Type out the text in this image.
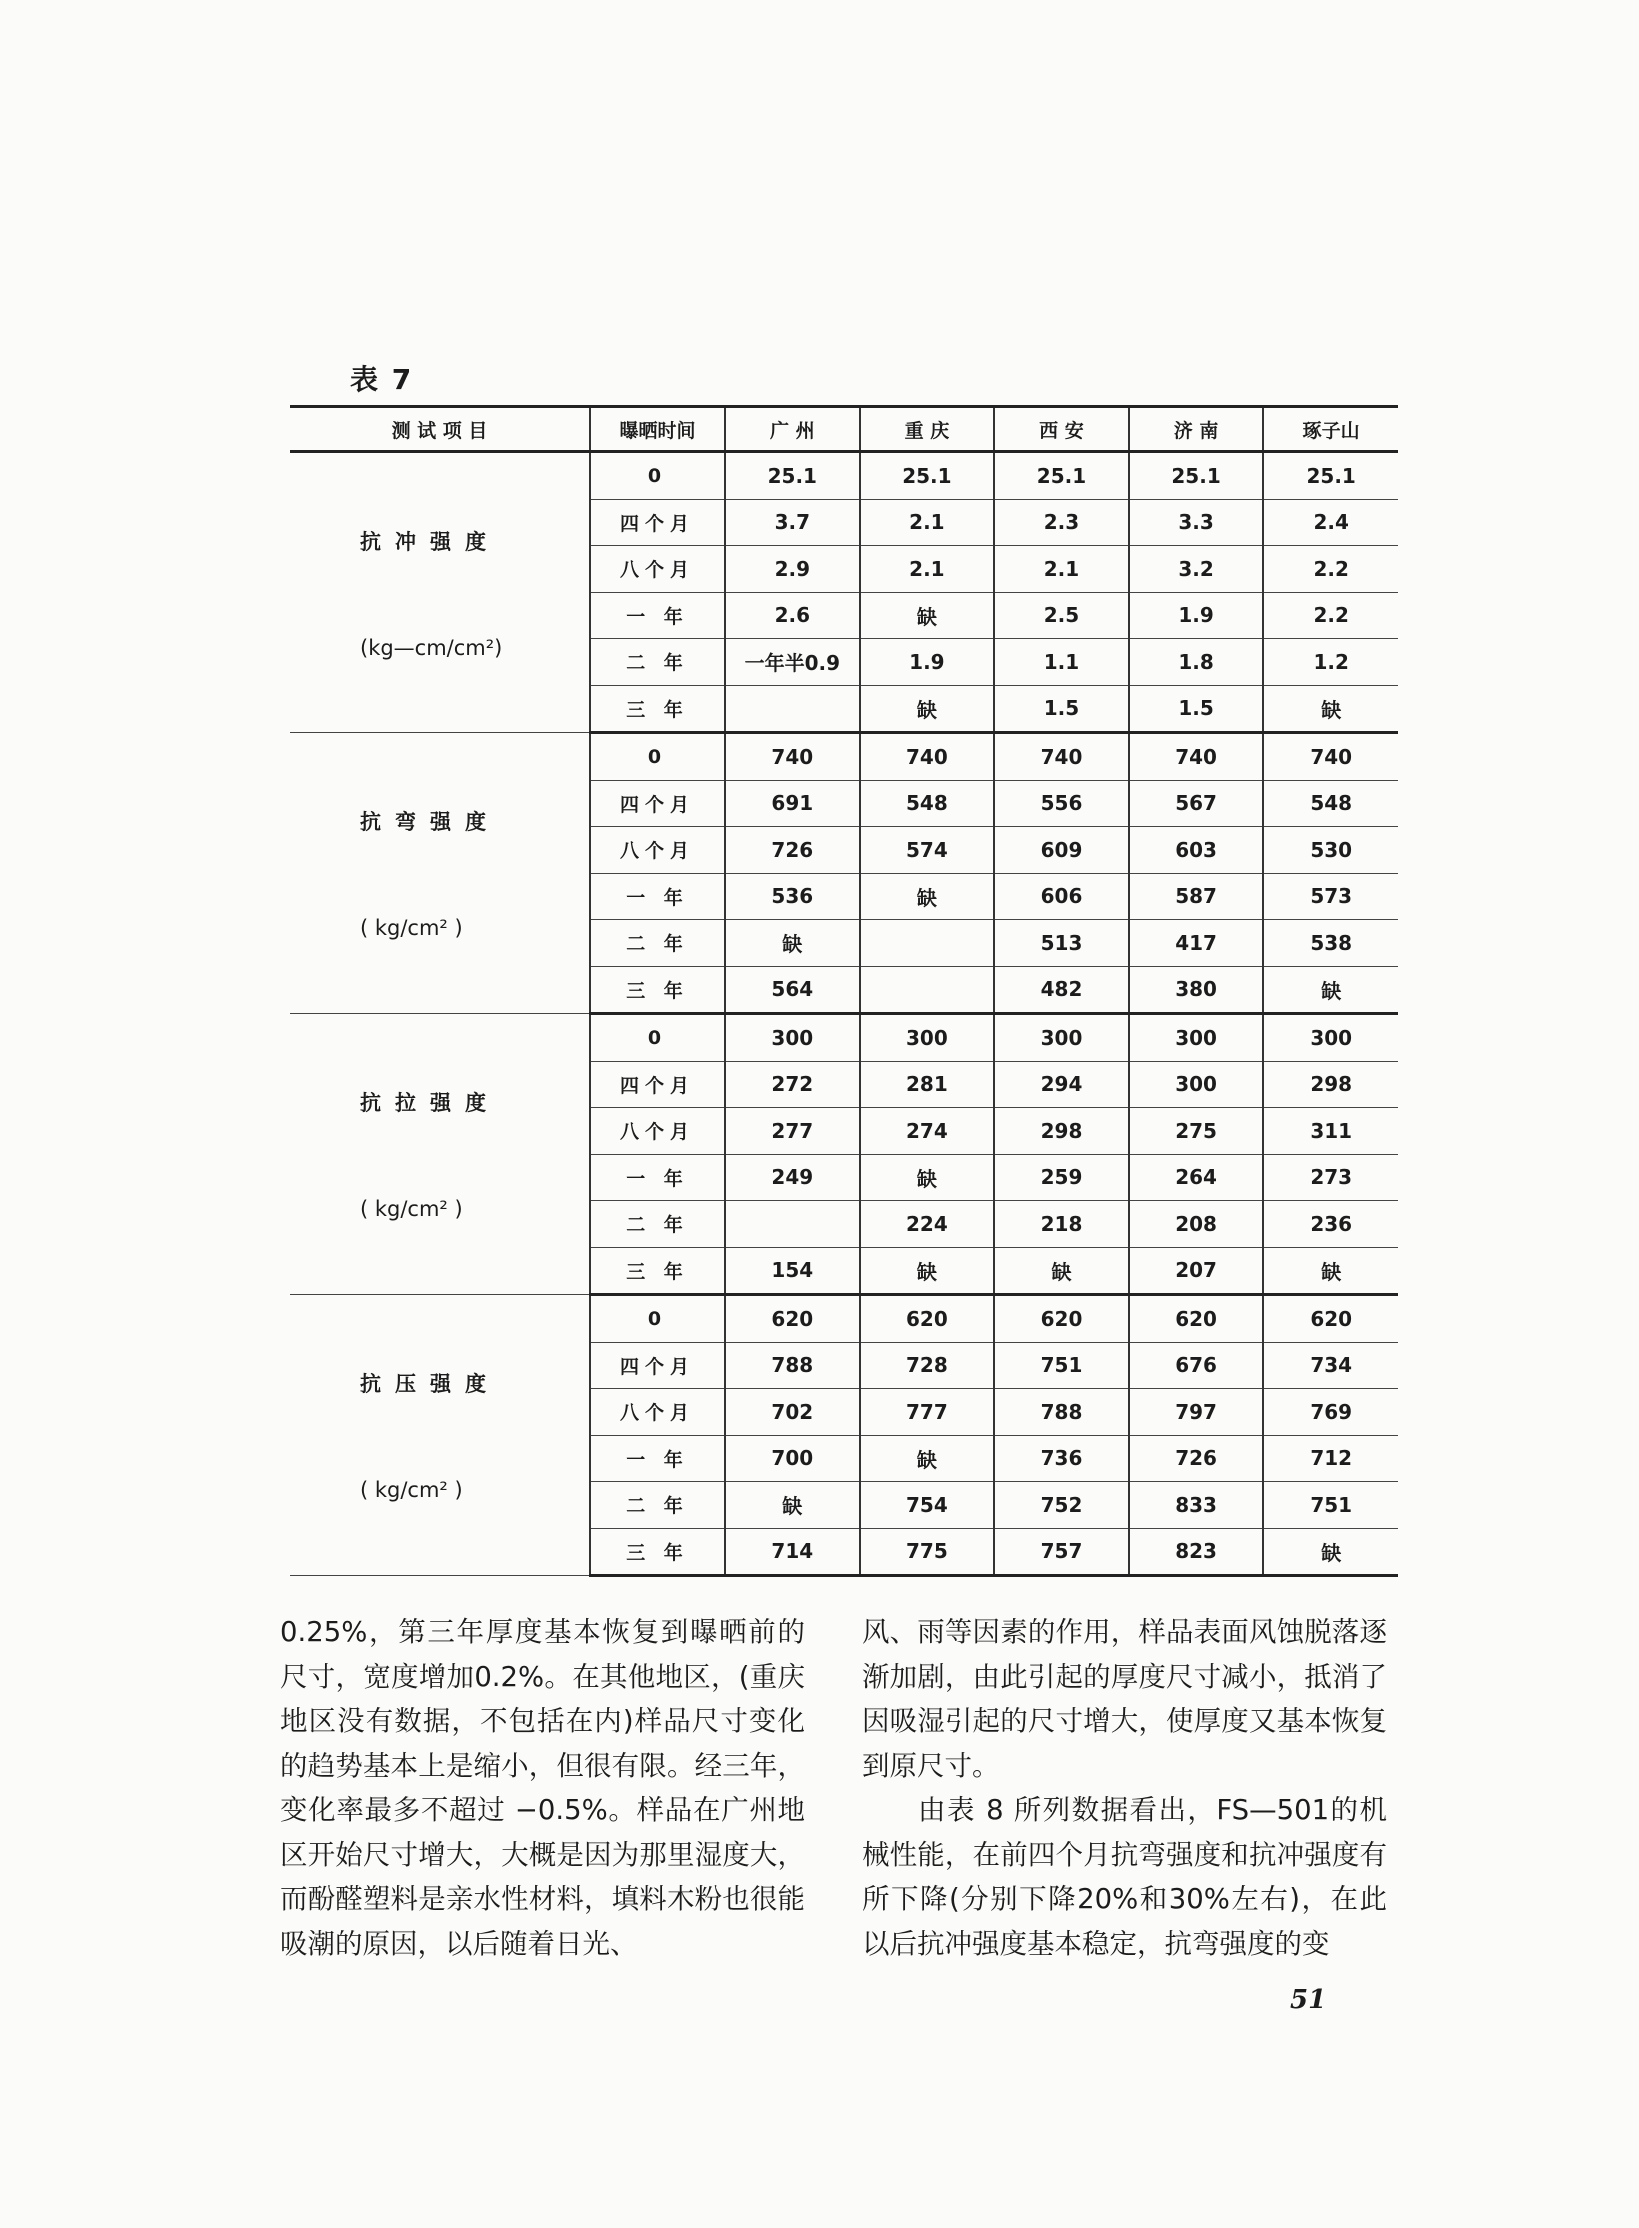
表 7
测 试 项 目	曝晒时间	广 州	重 庆	西 安	济 南	琢子山

抗冲强度
(kg—cm/cm²)	0	25.1	25.1	25.1	25.1	25.1
	四个月	3.7	2.1	2.3	3.3	2.4
	八个月	2.9	2.1	2.1	3.2	2.2
	一 年	2.6	缺	2.5	1.9	2.2
	二 年	一年半0.9	1.9	1.1	1.8	1.2
	三 年		缺	1.5	1.5	缺

抗弯强度
( kg/cm² )	0	740	740	740	740	740
	四个月	691	548	556	567	548
	八个月	726	574	609	603	530
	一 年	536	缺	606	587	573
	二 年	缺		513	417	538
	三 年	564		482	380	缺

抗拉强度
( kg/cm² )	0	300	300	300	300	300
	四个月	272	281	294	300	298
	八个月	277	274	298	275	311
	一 年	249	缺	259	264	273
	二 年		224	218	208	236
	三 年	154	缺	缺	207	缺

抗压强度
( kg/cm² )	0	620	620	620	620	620
	四个月	788	728	751	676	734
	八个月	702	777	788	797	769
	一 年	700	缺	736	726	712
	二 年	缺	754	752	833	751
	三 年	714	775	757	823	缺

0.25%，第三年厚度基本恢复到曝晒前的尺寸，宽度增加0.2%。在其他地区，(重庆地区没有数据，不包括在内)样品尺寸变化的趋势基本上是缩小，但很有限。经三年，变化率最多不超过 −0.5%。样品在广州地区开始尺寸增大，大概是因为那里湿度大，而酚醛塑料是亲水性材料，填料木粉也很能吸潮的原因，以后随着日光、

风、雨等因素的作用，样品表面风蚀脱落逐渐加剧，由此引起的厚度尺寸减小，抵消了因吸湿引起的尺寸增大，使厚度又基本恢复到原尺寸。

由表 8 所列数据看出，FS—501的机械性能，在前四个月抗弯强度和抗冲强度有所下降(分别下降20%和30%左右)，在此以后抗冲强度基本稳定，抗弯强度的变

51
